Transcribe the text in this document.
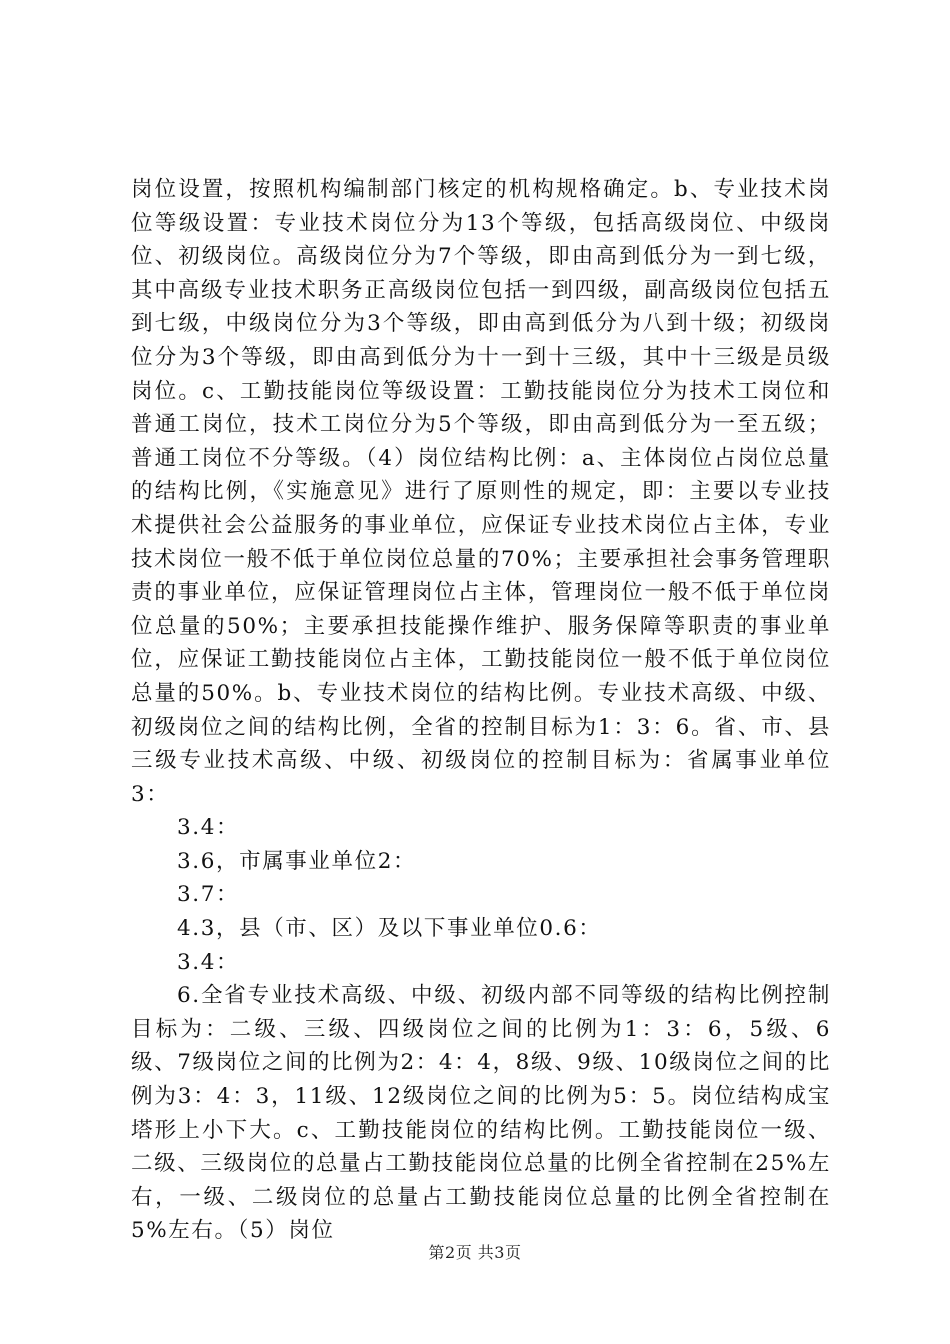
岗位设置，按照机构编制部门核定的机构规格确定。b、专业技术岗位等级设置：专业技术岗位分为13个等级，包括高级岗位、中级岗位、初级岗位。高级岗位分为7个等级，即由高到低分为一到七级，其中高级专业技术职务正高级岗位包括一到四级，副高级岗位包括五到七级，中级岗位分为3个等级，即由高到低分为八到十级；初级岗位分为3个等级，即由高到低分为十一到十三级，其中十三级是员级岗位。c、工勤技能岗位等级设置：工勤技能岗位分为技术工岗位和普通工岗位，技术工岗位分为5个等级，即由高到低分为一至五级；普通工岗位不分等级。（4）岗位结构比例：a、主体岗位占岗位总量的结构比例，《实施意见》进行了原则性的规定，即：主要以专业技术提供社会公益服务的事业单位，应保证专业技术岗位占主体，专业技术岗位一般不低于单位岗位总量的70%；主要承担社会事务管理职责的事业单位，应保证管理岗位占主体，管理岗位一般不低于单位岗位总量的50%；主要承担技能操作维护、服务保障等职责的事业单位，应保证工勤技能岗位占主体，工勤技能岗位一般不低于单位岗位总量的50%。b、专业技术岗位的结构比例。专业技术高级、中级、初级岗位之间的结构比例，全省的控制目标为1：3：6。省、市、县三级专业技术高级、中级、初级岗位的控制目标为：省属事业单位3：

3.4：

3.6，市属事业单位2：

3.7：

4.3，县（市、区）及以下事业单位0.6：

3.4：

6.全省专业技术高级、中级、初级内部不同等级的结构比例控制目标为：二级、三级、四级岗位之间的比例为1：3：6，5级、6级、7级岗位之间的比例为2：4：4，8级、9级、10级岗位之间的比例为3：4：3，11级、12级岗位之间的比例为5：5。岗位结构成宝塔形上小下大。c、工勤技能岗位的结构比例。工勤技能岗位一级、二级、三级岗位的总量占工勤技能岗位总量的比例全省控制在25%左右，一级、二级岗位的总量占工勤技能岗位总量的比例全省控制在5%左右。（5）岗位

第2页 共3页
